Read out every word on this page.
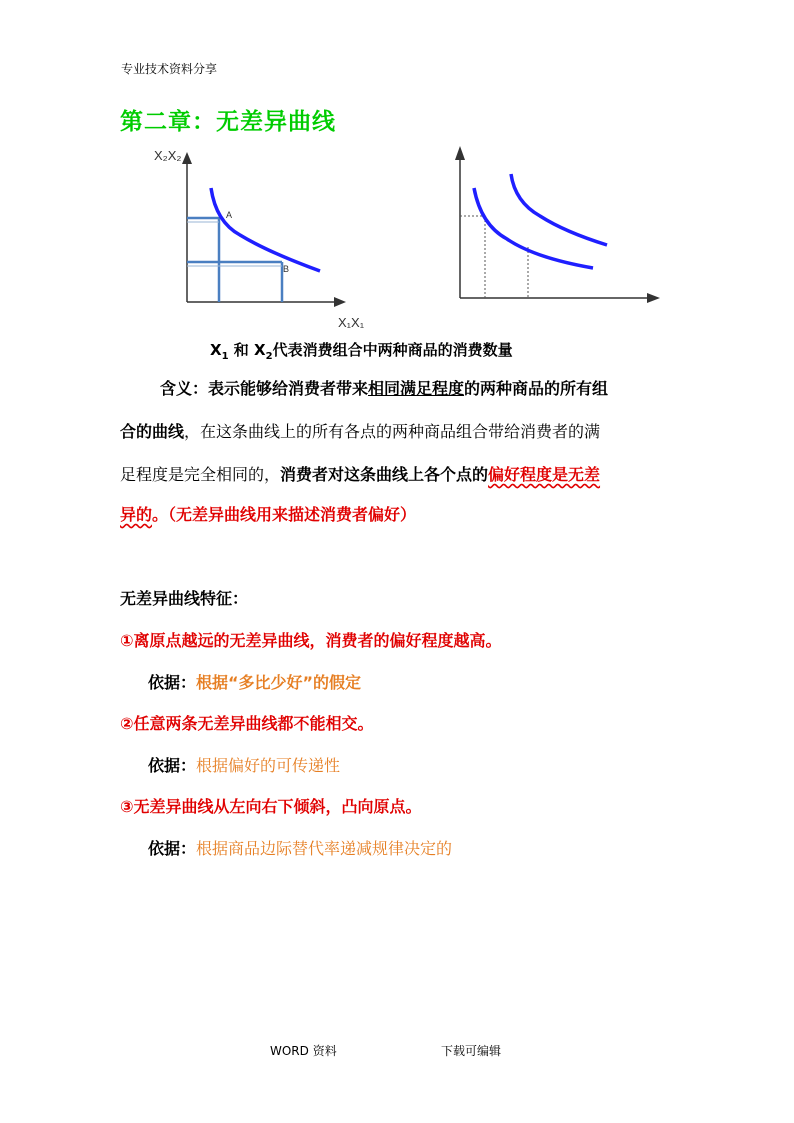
专业技术资料分享
第二章：无差异曲线
X₂X₂
A
B
X₁X₁
$X_1$ 和 $X_2$代表消费组合中两种商品的消费数量
含义：表示能够给消费者带来相同满足程度的两种商品的所有组
合的曲线，在这条曲线上的所有各点的两种商品组合带给消费者的满
足程度是完全相同的，消费者对这条曲线上各个点的偏好程度是无差
异的。（无差异曲线用来描述消费者偏好）
无差异曲线特征：
①离原点越远的无差异曲线，消费者的偏好程度越高。
依据：根据“多比少好”的假定
②任意两条无差异曲线都不能相交。
依据：根据偏好的可传递性
③无差异曲线从左向右下倾斜，凸向原点。
依据：根据商品边际替代率递减规律决定的
WORD 资料	下载可编辑
